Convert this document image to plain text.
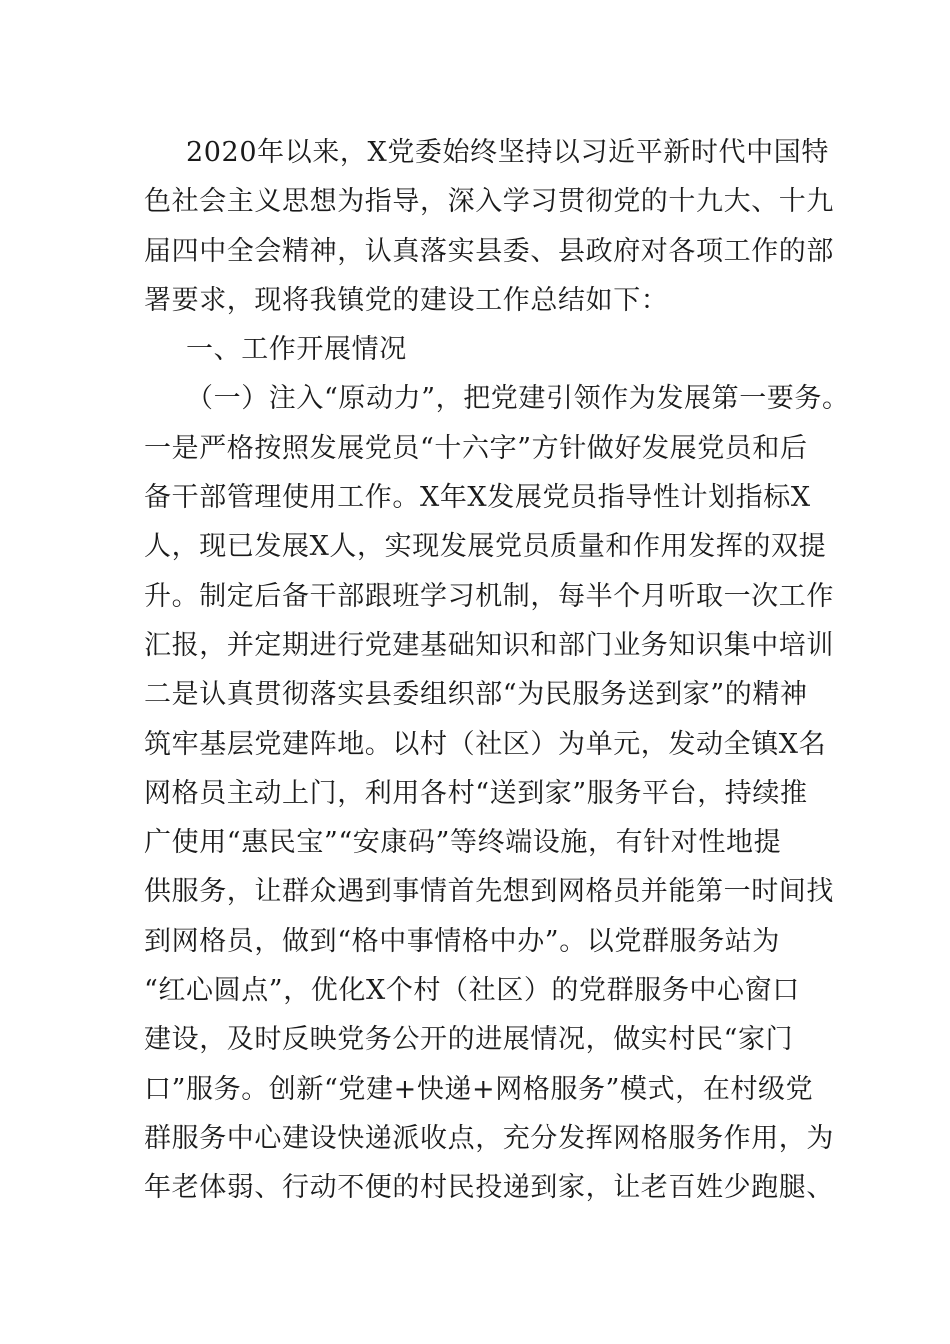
2020年以来，X党委始终坚持以习近平新时代中国特
色社会主义思想为指导，深入学习贯彻党的十九大、十九
届四中全会精神，认真落实县委、县政府对各项工作的部
署要求，现将我镇党的建设工作总结如下：
一、工作开展情况
（一）注入“原动力”，把党建引领作为发展第一要务。
一是严格按照发展党员“十六字”方针做好发展党员和后
备干部管理使用工作。X年X发展党员指导性计划指标X
人，现已发展X人，实现发展党员质量和作用发挥的双提
升。制定后备干部跟班学习机制，每半个月听取一次工作
汇报，并定期进行党建基础知识和部门业务知识集中培训
二是认真贯彻落实县委组织部“为民服务送到家”的精神
筑牢基层党建阵地。以村（社区）为单元，发动全镇X名
网格员主动上门，利用各村“送到家”服务平台，持续推
广使用“惠民宝”“安康码”等终端设施，有针对性地提
供服务，让群众遇到事情首先想到网格员并能第一时间找
到网格员，做到“格中事情格中办”。以党群服务站为
“红心圆点”，优化X个村（社区）的党群服务中心窗口
建设，及时反映党务公开的进展情况，做实村民“家门
口”服务。创新“党建+快递+网格服务”模式，在村级党
群服务中心建设快递派收点，充分发挥网格服务作用，为
年老体弱、行动不便的村民投递到家，让老百姓少跑腿、
